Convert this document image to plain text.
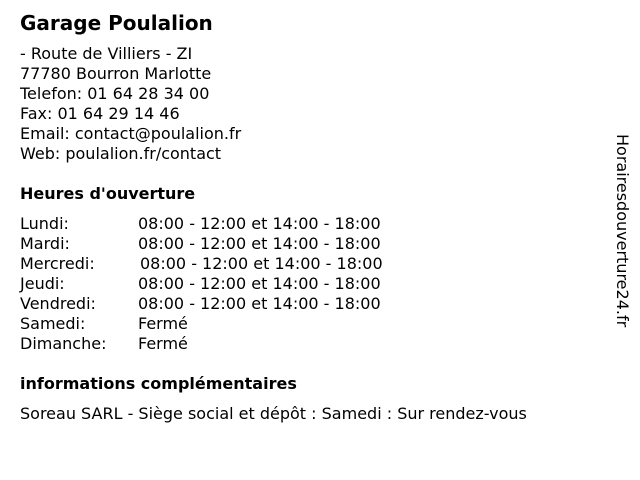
Garage Poulalion
- Route de Villiers - ZI
77780 Bourron Marlotte
Telefon: 01 64 28 34 00
Fax: 01 64 29 14 46
Email: contact@poulalion.fr
Web: poulalion.fr/contact
Heures d'ouverture
Lundi:	08:00 - 12:00 et 14:00 - 18:00
Mardi:	08:00 - 12:00 et 14:00 - 18:00
Mercredi:	08:00 - 12:00 et 14:00 - 18:00
Jeudi:	08:00 - 12:00 et 14:00 - 18:00
Vendredi:	08:00 - 12:00 et 14:00 - 18:00
Samedi:	Fermé
Dimanche: Fermé
informations complémentaires
Soreau SARL - Siège social et dépôt : Samedi : Sur rendez-vous
Horairesdouverture24.fr
